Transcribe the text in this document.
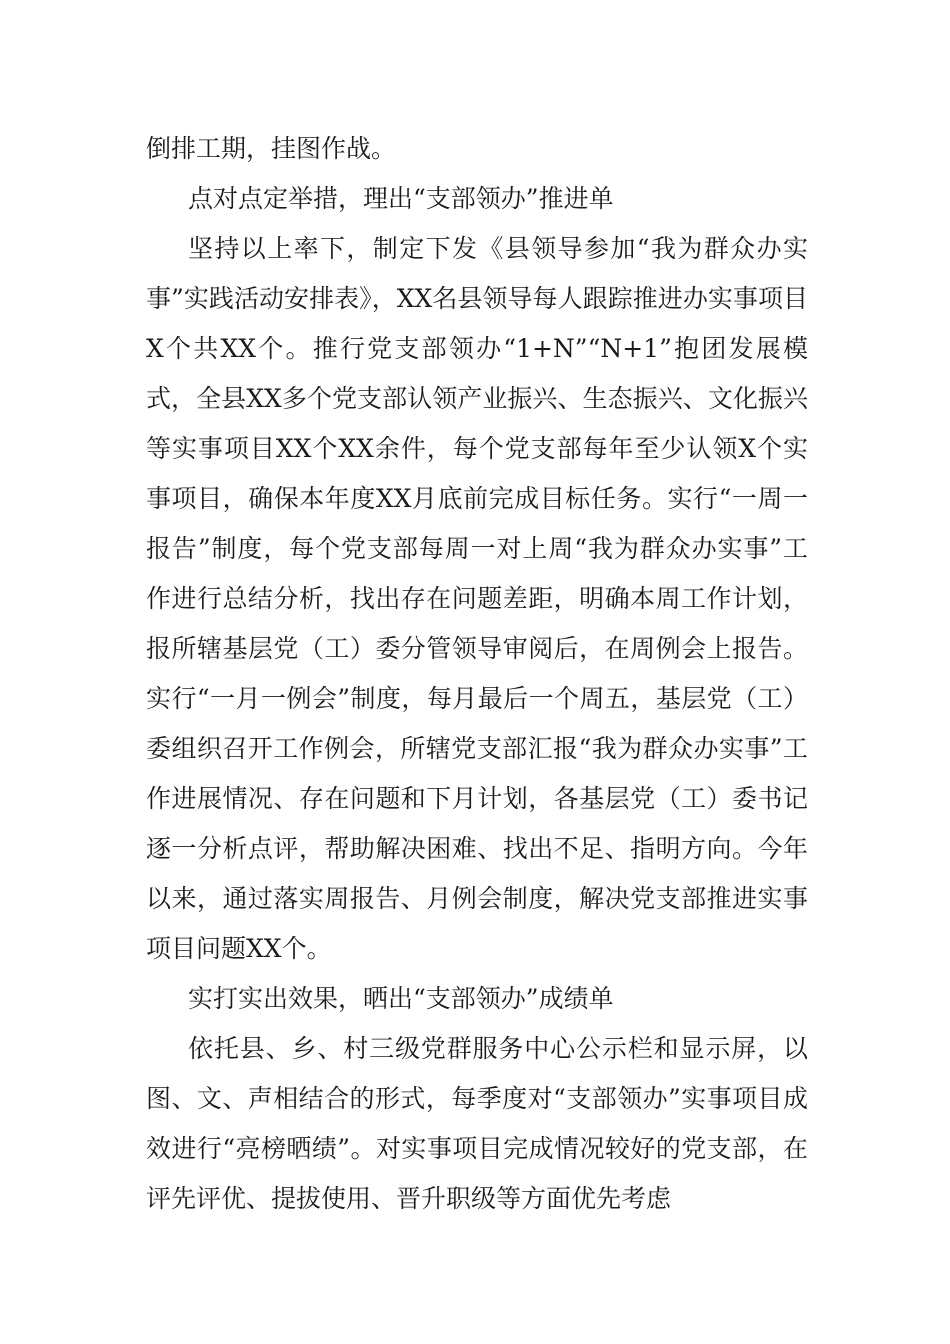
倒排工期，挂图作战。

点对点定举措，理出“支部领办”推进单

坚持以上率下，制定下发《县领导参加“我为群众办实事”实践活动安排表》，XX名县领导每人跟踪推进办实事项目X个共XX个。推行党支部领办“1+N”“N+1”抱团发展模式，全县XX多个党支部认领产业振兴、生态振兴、文化振兴等实事项目XX个XX余件，每个党支部每年至少认领X个实事项目，确保本年度XX月底前完成目标任务。实行“一周一报告”制度，每个党支部每周一对上周“我为群众办实事”工作进行总结分析，找出存在问题差距，明确本周工作计划，报所辖基层党（工）委分管领导审阅后，在周例会上报告。实行“一月一例会”制度，每月最后一个周五，基层党（工）委组织召开工作例会，所辖党支部汇报“我为群众办实事”工作进展情况、存在问题和下月计划，各基层党（工）委书记逐一分析点评，帮助解决困难、找出不足、指明方向。今年以来，通过落实周报告、月例会制度，解决党支部推进实事项目问题XX个。

实打实出效果，晒出“支部领办”成绩单

依托县、乡、村三级党群服务中心公示栏和显示屏，以图、文、声相结合的形式，每季度对“支部领办”实事项目成效进行“亮榜晒绩”。对实事项目完成情况较好的党支部，在评先评优、提拔使用、晋升职级等方面优先考虑
